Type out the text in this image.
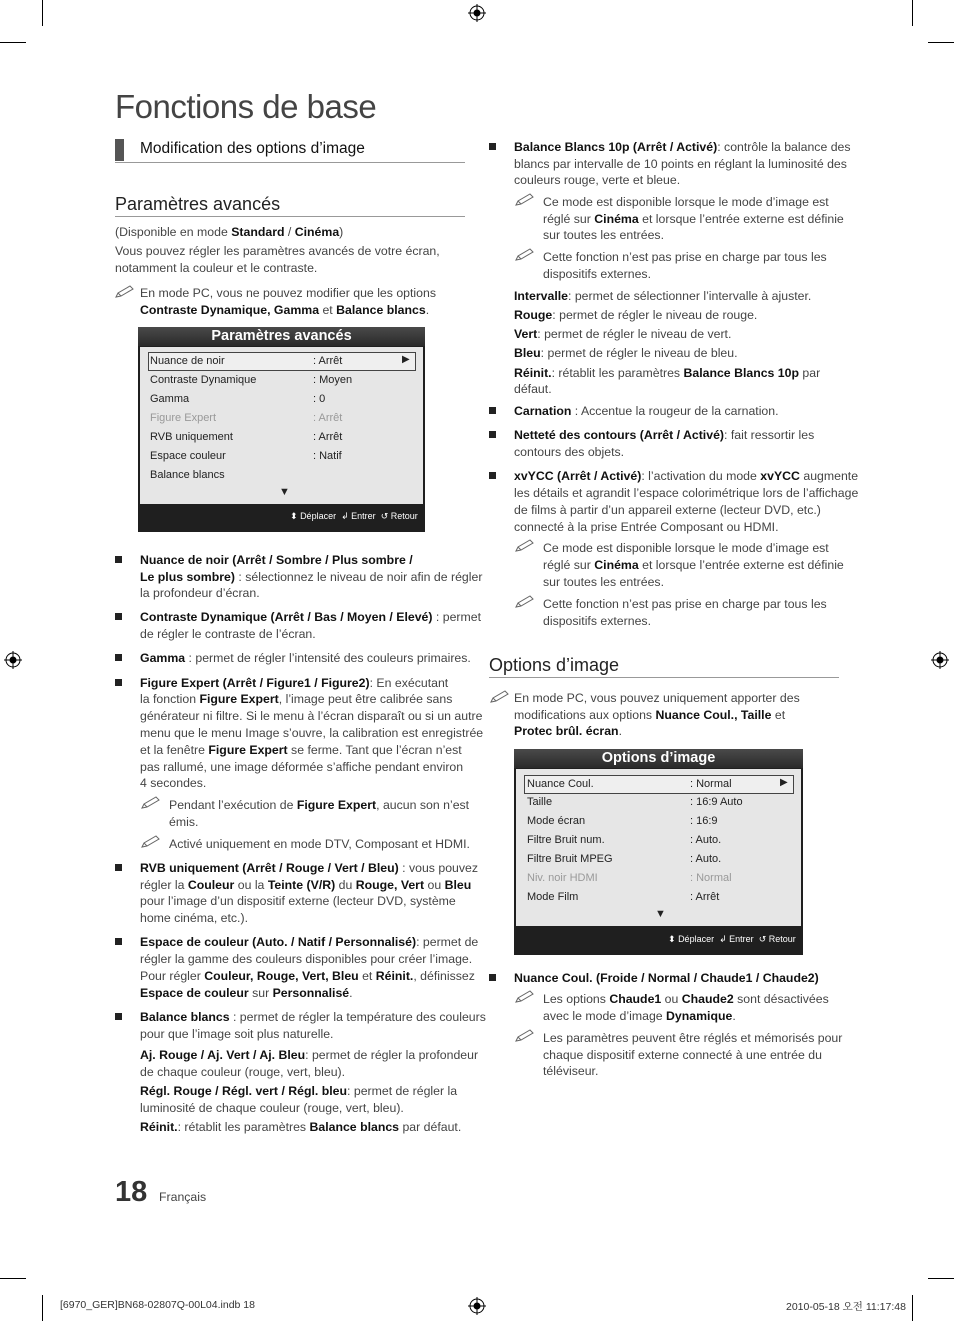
Fonctions de base
Modification des options d’image
Paramètres avancés
(Disponible en mode Standard / Cinéma)
Vous pouvez régler les paramètres avancés de votre écran,
notamment la couleur et le contraste.
En mode PC, vous ne pouvez modifier que les options
Contraste Dynamique, Gamma et Balance blancs.
Paramètres avancés
Nuance de noir	: Arrêt	▶
Contraste Dynamique	: Moyen
Gamma	: 0
Figure Expert	: Arrêt
RVB uniquement	: Arrêt
Espace couleur	: Natif
Balance blancs
▼
⬍ Déplacer ↲ Entrer ↺ Retour
Nuance de noir (Arrêt / Sombre / Plus sombre /
Le plus sombre) : sélectionnez le niveau de noir afin de régler
la profondeur d’écran.
Contraste Dynamique (Arrêt / Bas / Moyen / Elevé) : permet
de régler le contraste de l’écran.
Gamma : permet de régler l’intensité des couleurs primaires.
Figure Expert (Arrêt / Figure1 / Figure2): En exécutant
la fonction Figure Expert, l’image peut être calibrée sans
générateur ni filtre. Si le menu à l’écran disparaît ou si un autre
menu que le menu Image s’ouvre, la calibration est enregistrée
et la fenêtre Figure Expert se ferme. Tant que l’écran n’est
pas rallumé, une image déformée s’affiche pendant environ
4 secondes.
Pendant l’exécution de Figure Expert, aucun son n’est
émis.
Activé uniquement en mode DTV, Composant et HDMI.
RVB uniquement (Arrêt / Rouge / Vert / Bleu) : vous pouvez
régler la Couleur ou la Teinte (V/R) du Rouge, Vert ou Bleu
pour l’image d’un dispositif externe (lecteur DVD, système
home cinéma, etc.).
Espace de couleur (Auto. / Natif / Personnalisé): permet de
régler la gamme des couleurs disponibles pour créer l’image.
Pour régler Couleur, Rouge, Vert, Bleu et Réinit., définissez
Espace de couleur sur Personnalisé.
Balance blancs : permet de régler la température des couleurs
pour que l’image soit plus naturelle.
Aj. Rouge / Aj. Vert / Aj. Bleu: permet de régler la profondeur
de chaque couleur (rouge, vert, bleu).
Régl. Rouge / Régl. vert / Régl. bleu: permet de régler la
luminosité de chaque couleur (rouge, vert, bleu).
Réinit.: rétablit les paramètres Balance blancs par défaut.
Balance Blancs 10p (Arrêt / Activé): contrôle la balance des
blancs par intervalle de 10 points en réglant la luminosité des
couleurs rouge, verte et bleue.
Ce mode est disponible lorsque le mode d’image est
réglé sur Cinéma et lorsque l’entrée externe est définie
sur toutes les entrées.
Cette fonction n’est pas prise en charge par tous les
dispositifs externes.
Intervalle: permet de sélectionner l’intervalle à ajuster.
Rouge: permet de régler le niveau de rouge.
Vert: permet de régler le niveau de vert.
Bleu: permet de régler le niveau de bleu.
Réinit.: rétablit les paramètres Balance Blancs 10p par
défaut.
Carnation : Accentue la rougeur de la carnation.
Netteté des contours (Arrêt / Activé): fait ressortir les
contours des objets.
xvYCC (Arrêt / Activé): l’activation du mode xvYCC augmente
les détails et agrandit l’espace colorimétrique lors de l’affichage
de films à partir d’un appareil externe (lecteur DVD, etc.)
connecté à la prise Entrée Composant ou HDMI.
Ce mode est disponible lorsque le mode d’image est
réglé sur Cinéma et lorsque l’entrée externe est définie
sur toutes les entrées.
Cette fonction n’est pas prise en charge par tous les
dispositifs externes.
Options d’image
En mode PC, vous pouvez uniquement apporter des
modifications aux options Nuance Coul., Taille et
Protec brûl. écran.
Options d’image
Nuance Coul.	: Normal	▶
Taille	: 16:9 Auto
Mode écran	: 16:9
Filtre Bruit num.	: Auto.
Filtre Bruit MPEG	: Auto.
Niv. noir HDMI	: Normal
Mode Film	: Arrêt
▼
⬍ Déplacer ↲ Entrer ↺ Retour
Nuance Coul. (Froide / Normal / Chaude1 / Chaude2)
Les options Chaude1 ou Chaude2 sont désactivées
avec le mode d’image Dynamique.
Les paramètres peuvent être réglés et mémorisés pour
chaque dispositif externe connecté à une entrée du
téléviseur.
18 Français
[6970_GER]BN68-02807Q-00L04.indb 18	2010-05-18 오전 11:17:48
